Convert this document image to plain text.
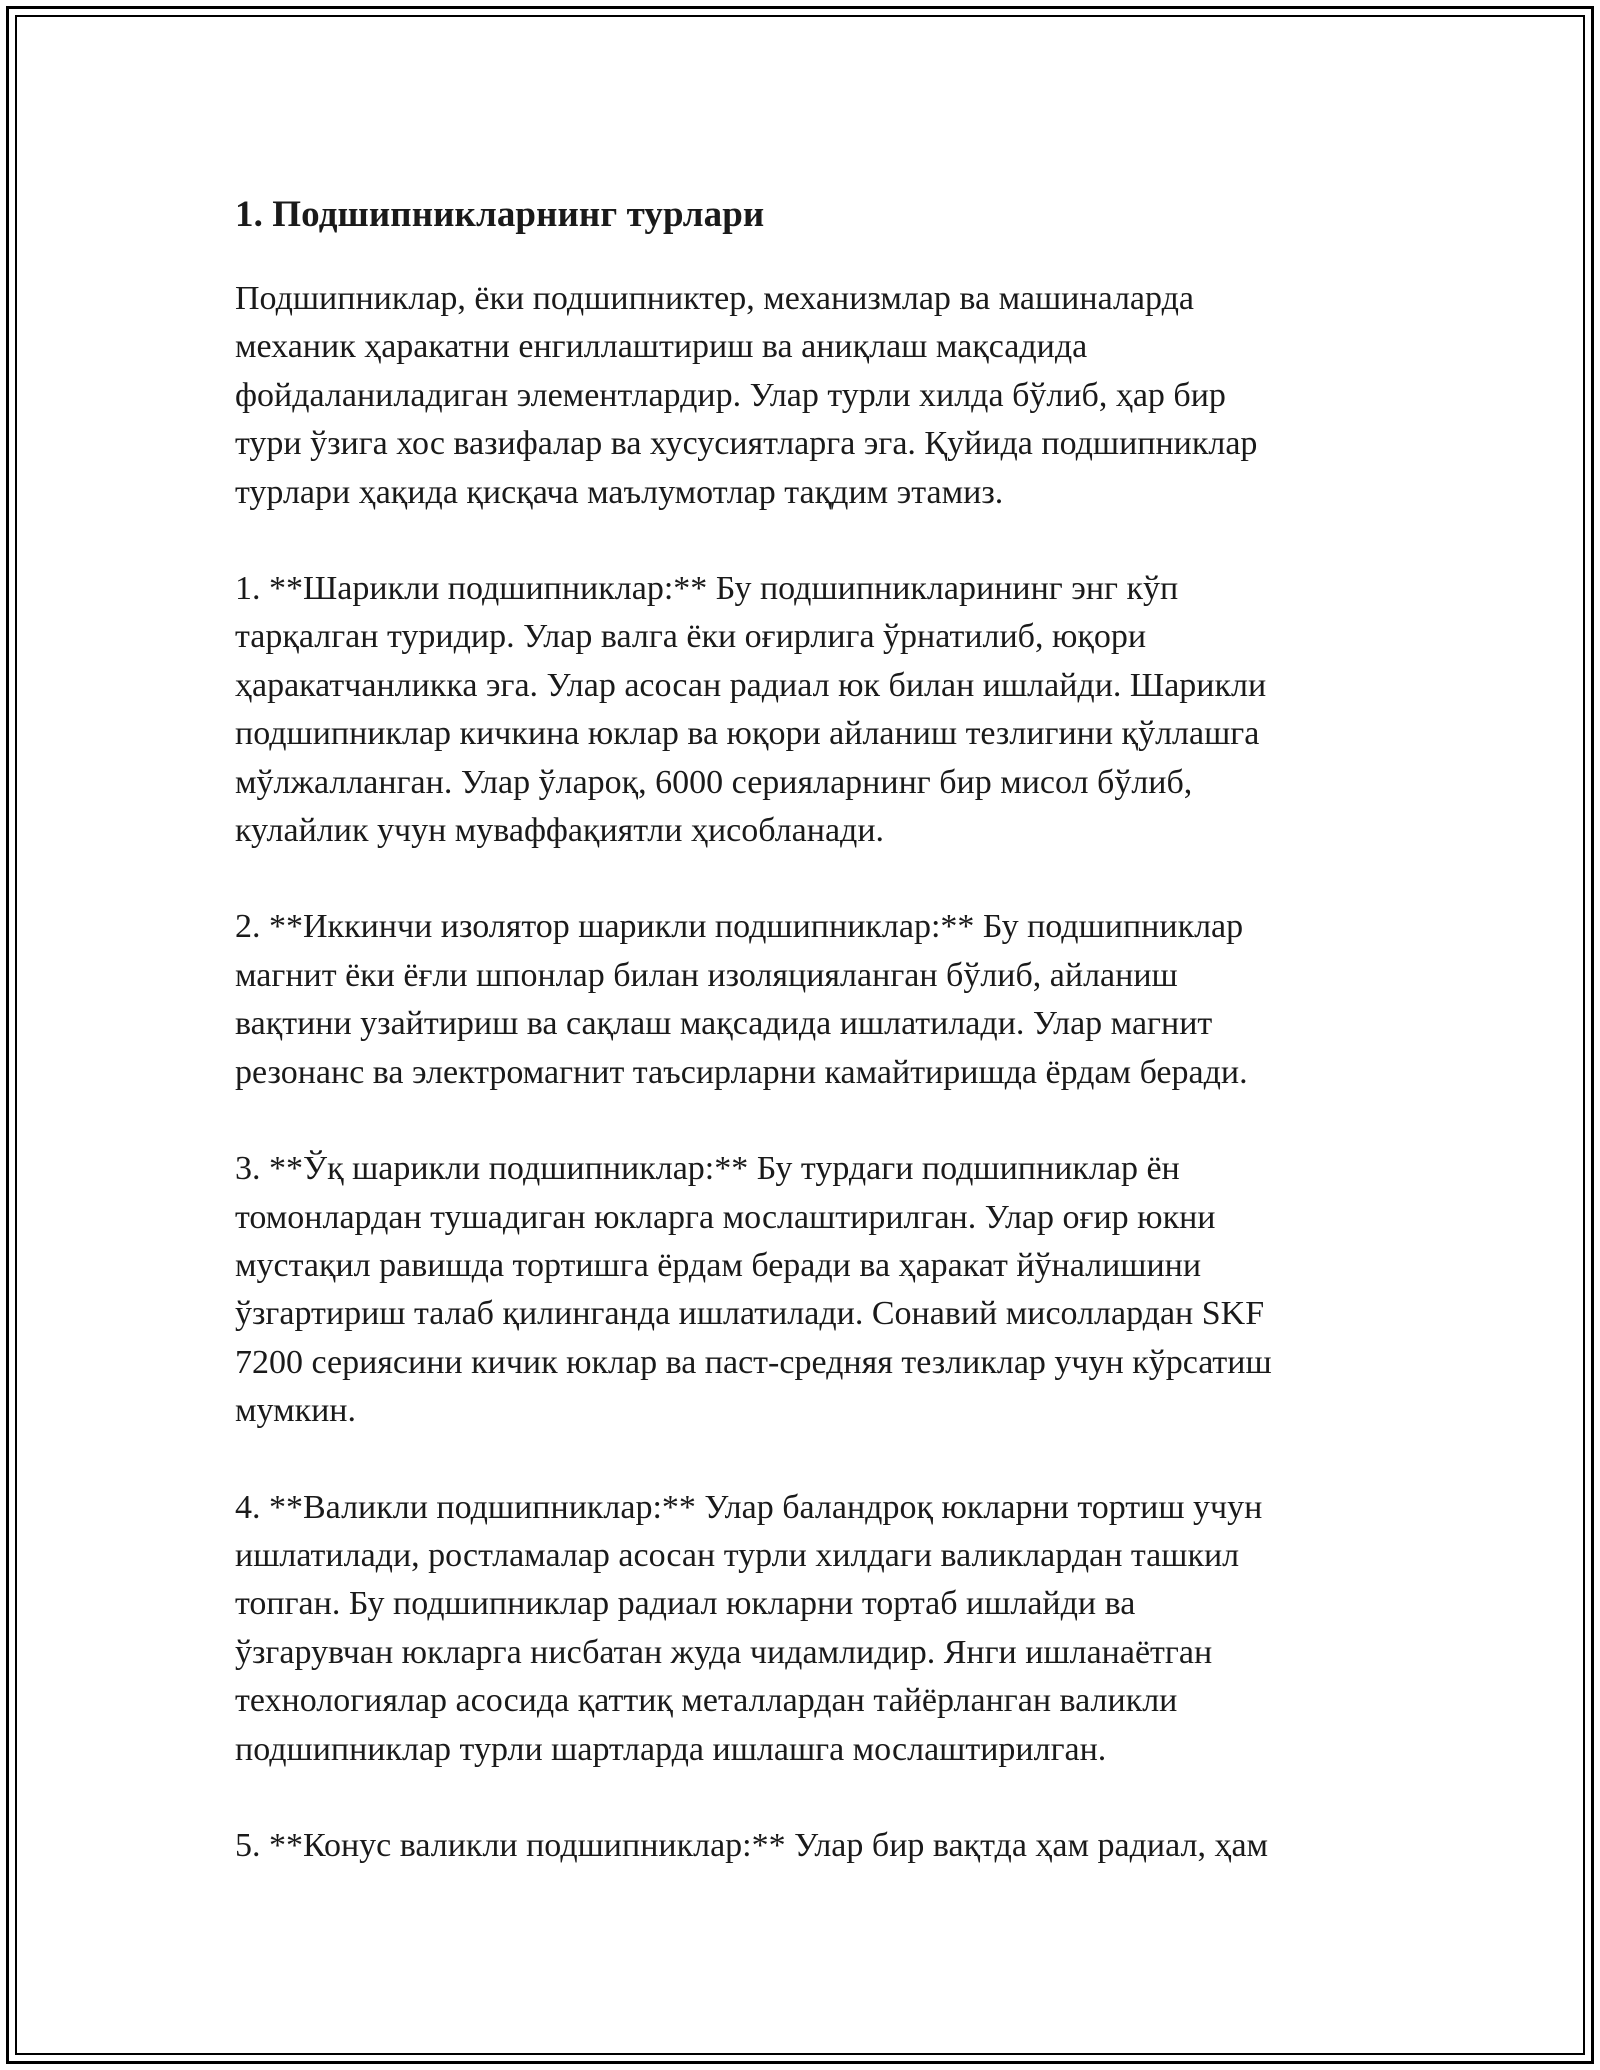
1. Подшипникларнинг турлари

Подшипниклар, ёки подшипниктер, механизмлар ва машиналарда
механик ҳаракатни енгиллаштириш ва аниқлаш мақсадида
фойдаланиладиган элементлардир. Улар турли хилда бўлиб, ҳар бир
тури ўзига хос вазифалар ва хусусиятларга эга. Қуйида подшипниклар
турлари ҳақида қисқача маълумотлар тақдим этамиз.

1. **Шарикли подшипниклар:** Бу подшипникларининг энг кўп
тарқалган туридир. Улар валга ёки оғирлига ўрнатилиб, юқори
ҳаракатчанликка эга. Улар асосан радиал юк билан ишлайди. Шарикли
подшипниклар кичкина юклар ва юқори айланиш тезлигини қўллашга
мўлжалланган. Улар ўлароқ, 6000 серияларнинг бир мисол бўлиб,
кулайлик учун муваффақиятли ҳисобланади.

2. **Иккинчи изолятор шарикли подшипниклар:** Бу подшипниклар
магнит ёки ёғли шпонлар билан изоляцияланган бўлиб, айланиш
вақтини узайтириш ва сақлаш мақсадида ишлатилади. Улар магнит
резонанс ва электромагнит таъсирларни камайтиришда ёрдам беради.

3. **Ўқ шарикли подшипниклар:** Бу турдаги подшипниклар ён
томонлардан тушадиган юкларга мослаштирилган. Улар оғир юкни
мустақил равишда тортишга ёрдам беради ва ҳаракат йўналишини
ўзгартириш талаб қилинганда ишлатилади. Сонавий мисоллардан SKF
7200 сериясини кичик юклар ва паст-средняя тезликлар учун кўрсатиш
мумкин.

4. **Валикли подшипниклар:** Улар баландроқ юкларни тортиш учун
ишлатилади, ростламалар асосан турли хилдаги валиклардан ташкил
топган. Бу подшипниклар радиал юкларни тортаб ишлайди ва
ўзгарувчан юкларга нисбатан жуда чидамлидир. Янги ишланаётган
технологиялар асосида қаттиқ металлардан тайёрланган валикли
подшипниклар турли шартларда ишлашга мослаштирилган.

5. **Конус валикли подшипниклар:** Улар бир вақтда ҳам радиал, ҳам
